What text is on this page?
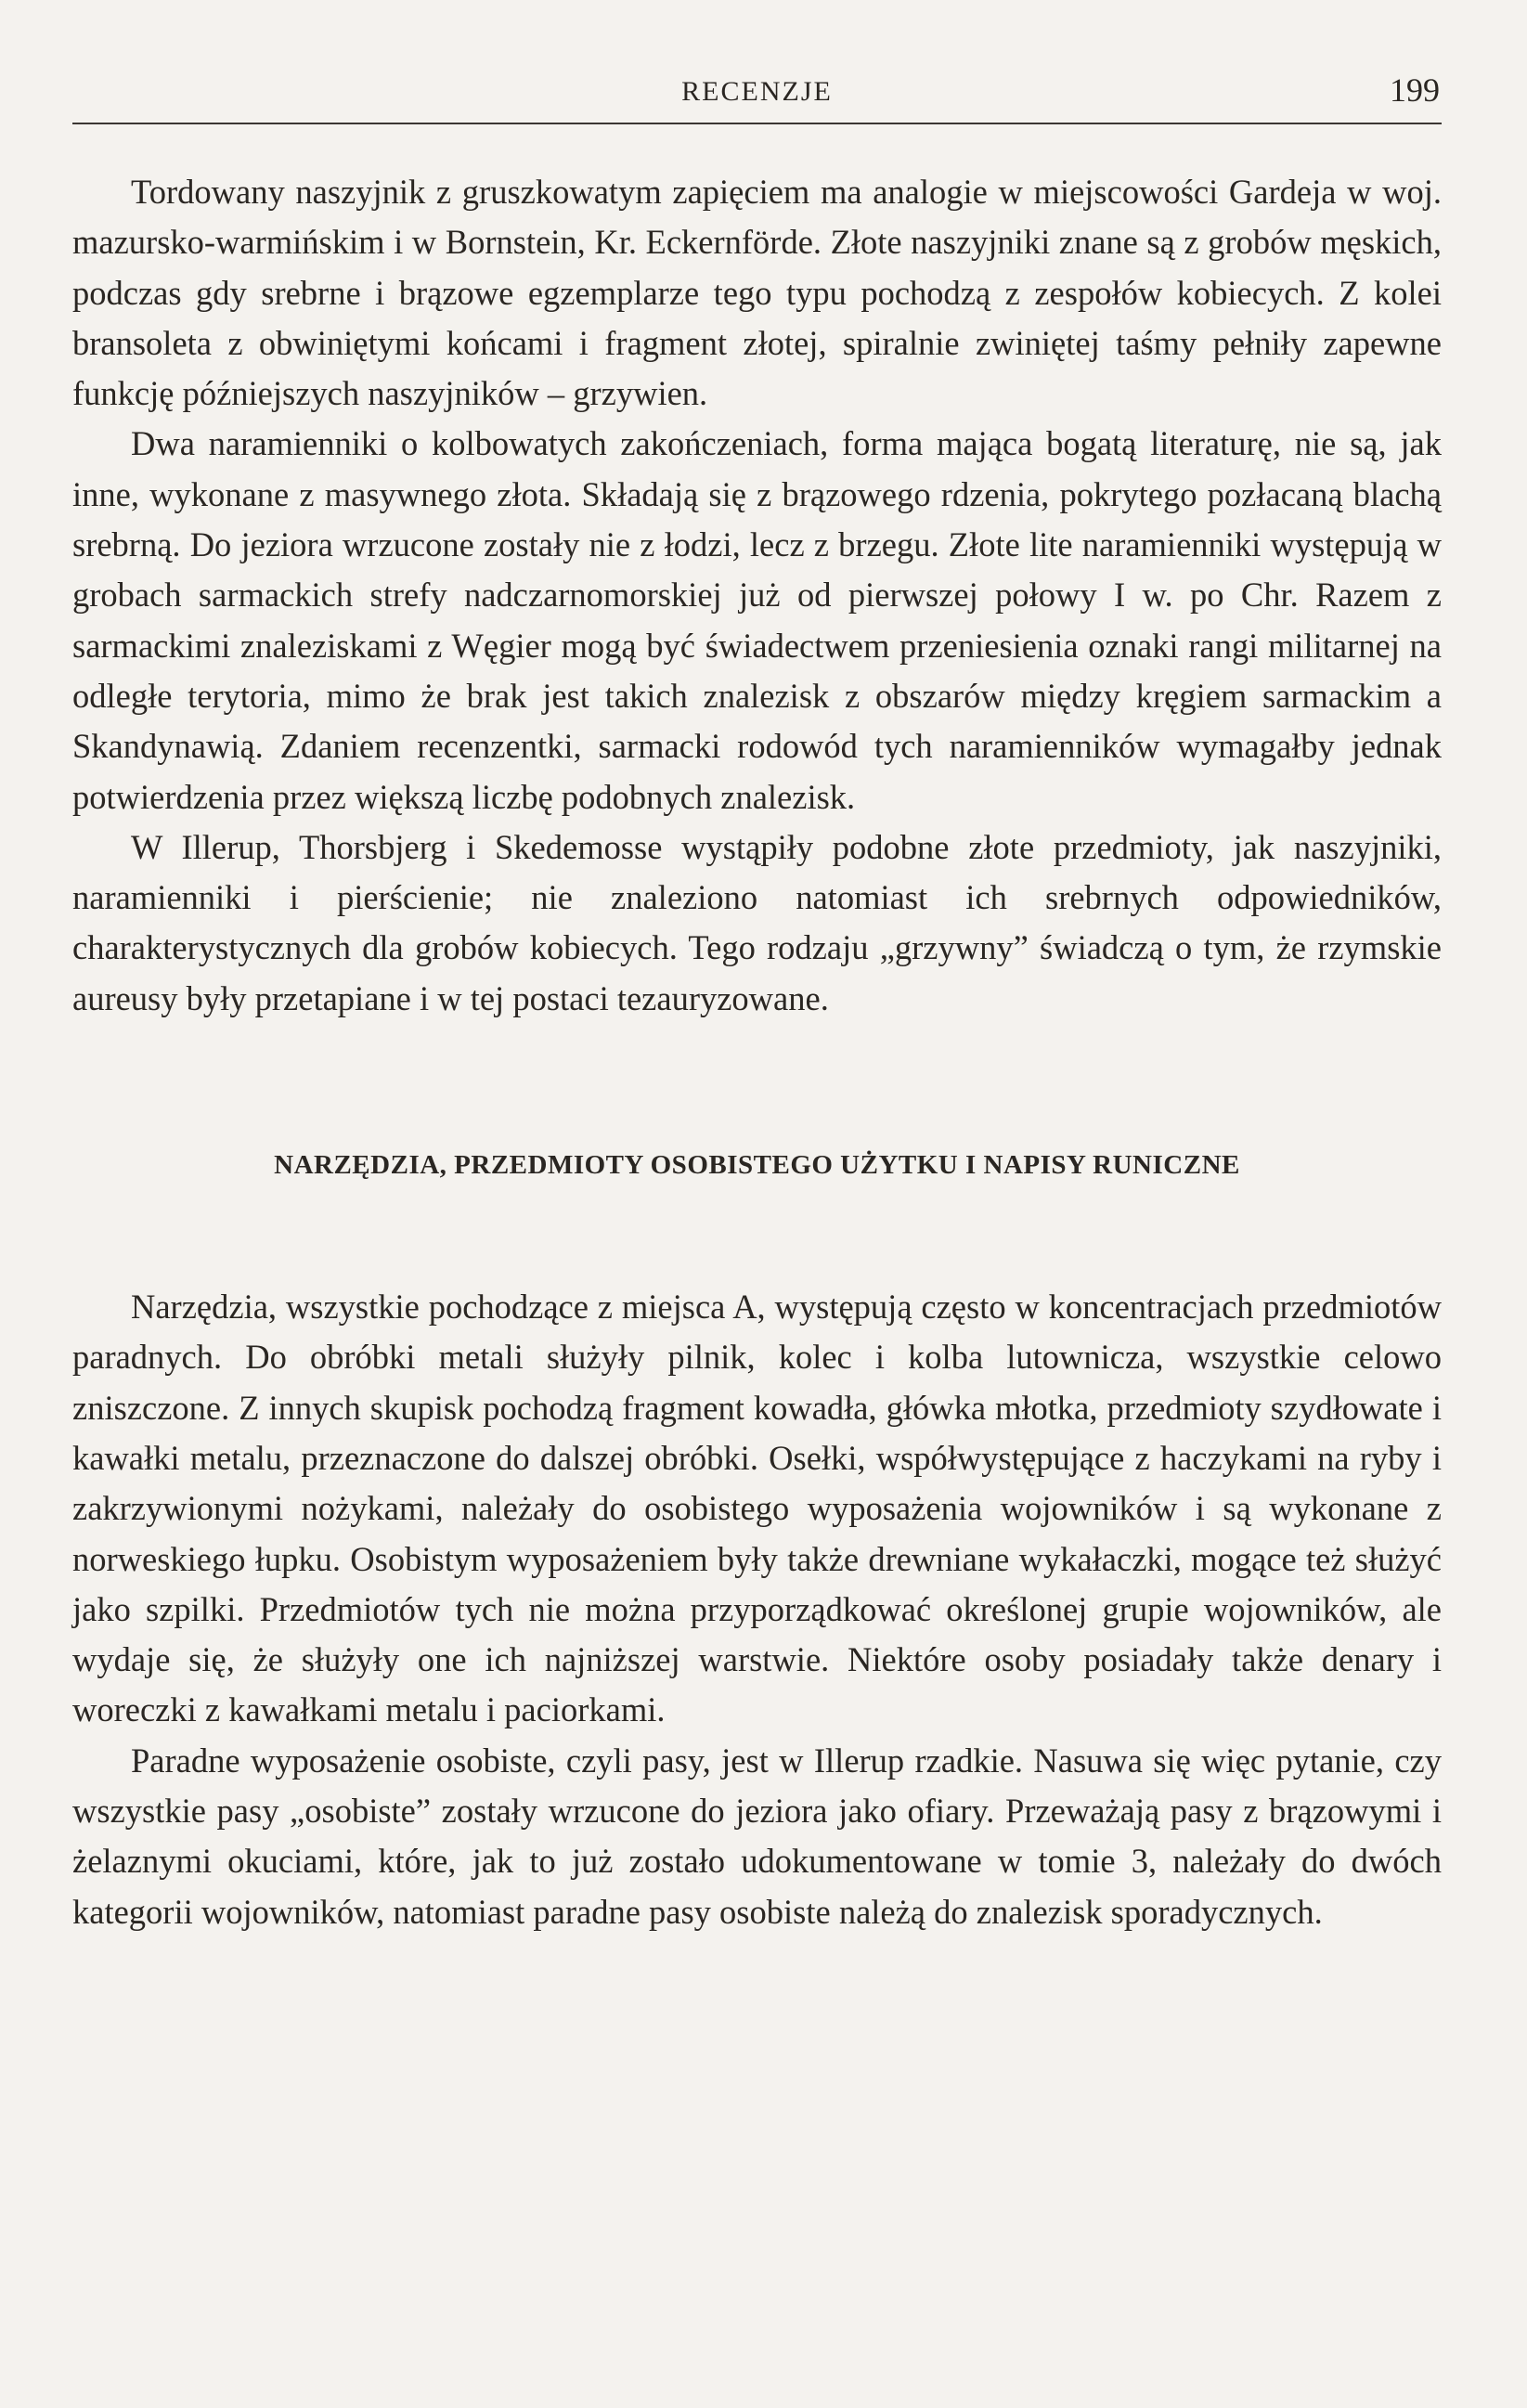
RECENZJE	199

Tordowany naszyjnik z gruszkowatym zapięciem ma analogie w miejscowości Gardeja w woj. mazursko-warmińskim i w Bornstein, Kr. Eckernförde. Złote naszyjniki znane są z grobów męskich, podczas gdy srebrne i brązowe egzemplarze tego typu pochodzą z zespołów kobiecych. Z kolei bransoleta z obwiniętymi końcami i fragment złotej, spiralnie zwiniętej taśmy pełniły zapewne funkcję późniejszych naszyjników – grzywien.

Dwa naramienniki o kolbowatych zakończeniach, forma mająca bogatą literaturę, nie są, jak inne, wykonane z masywnego złota. Składają się z brązowego rdzenia, pokrytego pozłacaną blachą srebrną. Do jeziora wrzucone zostały nie z łodzi, lecz z brzegu. Złote lite naramienniki występują w grobach sarmackich strefy nadczarnomorskiej już od pierwszej połowy I w. po Chr. Razem z sarmackimi znaleziskami z Węgier mogą być świadectwem przeniesienia oznaki rangi militarnej na odległe terytoria, mimo że brak jest takich znalezisk z obszarów między kręgiem sarmackim a Skandynawią. Zdaniem recenzentki, sarmacki rodowód tych naramienników wymagałby jednak potwierdzenia przez większą liczbę podobnych znalezisk.

W Illerup, Thorsbjerg i Skedemosse wystąpiły podobne złote przedmioty, jak naszyjniki, naramienniki i pierścienie; nie znaleziono natomiast ich srebrnych odpowiedników, charakterystycznych dla grobów kobiecych. Tego rodzaju „grzywny” świadczą o tym, że rzymskie aureusy były przetapiane i w tej postaci tezauryzowane.

NARZĘDZIA, PRZEDMIOTY OSOBISTEGO UŻYTKU I NAPISY RUNICZNE

Narzędzia, wszystkie pochodzące z miejsca A, występują często w koncentracjach przedmiotów paradnych. Do obróbki metali służyły pilnik, kolec i kolba lutownicza, wszystkie celowo zniszczone. Z innych skupisk pochodzą fragment kowadła, główka młotka, przedmioty szydłowate i kawałki metalu, przeznaczone do dalszej obróbki. Osełki, współwystępujące z haczykami na ryby i zakrzywionymi nożykami, należały do osobistego wyposażenia wojowników i są wykonane z norweskiego łupku. Osobistym wyposażeniem były także drewniane wykałaczki, mogące też służyć jako szpilki. Przedmiotów tych nie można przyporządkować określonej grupie wojowników, ale wydaje się, że służyły one ich najniższej warstwie. Niektóre osoby posiadały także denary i woreczki z kawałkami metalu i paciorkami.

Paradne wyposażenie osobiste, czyli pasy, jest w Illerup rzadkie. Nasuwa się więc pytanie, czy wszystkie pasy „osobiste” zostały wrzucone do jeziora jako ofiary. Przeważają pasy z brązowymi i żelaznymi okuciami, które, jak to już zostało udokumentowane w tomie 3, należały do dwóch kategorii wojowników, natomiast paradne pasy osobiste należą do znalezisk sporadycznych.
